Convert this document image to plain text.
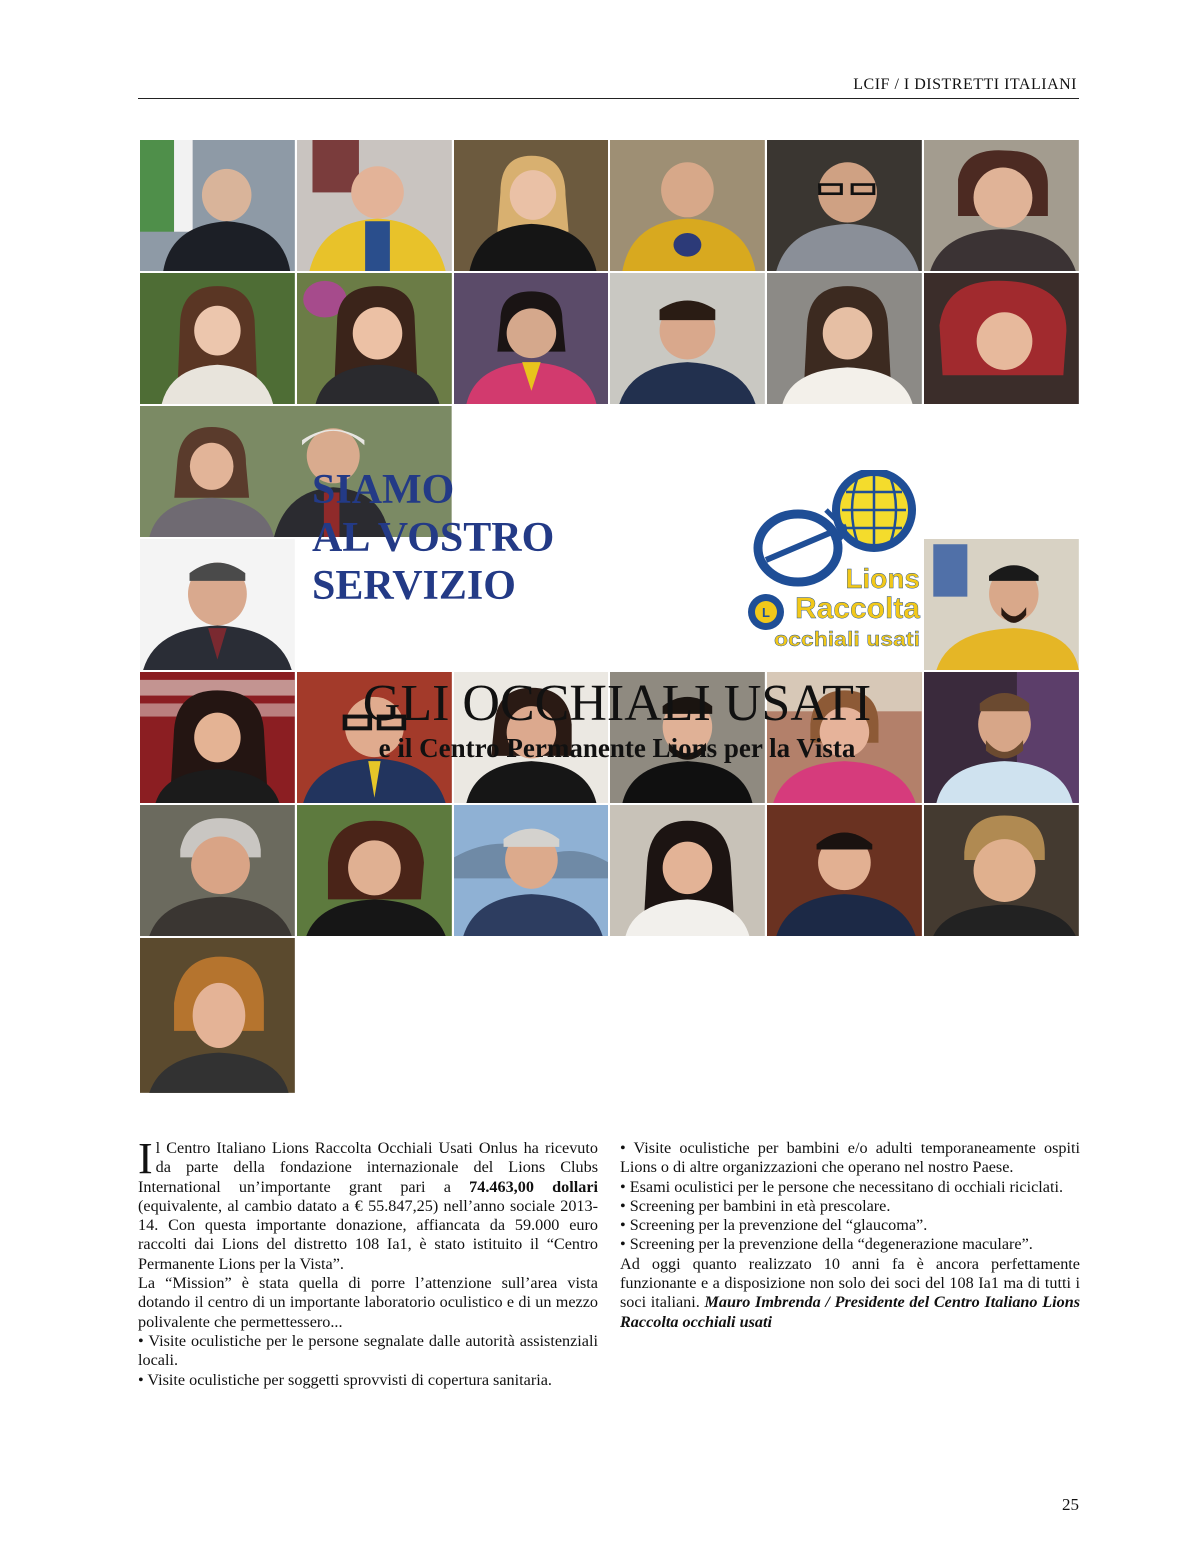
LCIF / I DISTRETTI ITALIANI
SIAMO
AL VOSTRO
SERVIZIO
L
Lions
Raccolta
occhiali usati
GLI OCCHIALI USATI
e il Centro Permanente Lions per la Vista

Il Centro Italiano Lions Raccolta Occhiali Usati Onlus ha ricevuto da parte della fondazione internazionale del Lions Clubs International un’importante grant pari a 74.463,00 dollari (equivalente, al cambio datato a € 55.847,25) nell’anno sociale 2013-14. Con questa importante donazione, affiancata da 59.000 euro raccolti dai Lions del distretto 108 Ia1, è stato istituito il “Centro Permanente Lions per la Vista”.

La “Mission” è stata quella di porre l’attenzione sull’area vista dotando il centro di un importante laboratorio oculistico e di un mezzo polivalente che permettessero...

• Visite oculistiche per le persone segnalate dalle autorità assistenziali locali.

• Visite oculistiche per soggetti sprovvisti di copertura sanitaria.

• Visite oculistiche per bambini e/o adulti temporaneamente ospiti Lions o di altre organizzazioni che operano nel nostro Paese.

• Esami oculistici per le persone che necessitano di occhiali riciclati.

• Screening per bambini in età prescolare.

• Screening per la prevenzione del “glaucoma”.

• Screening per la prevenzione della “degenerazione maculare”.

Ad oggi quanto realizzato 10 anni fa è ancora perfettamente funzionante e a disposizione non solo dei soci del 108 Ia1 ma di tutti i soci italiani. Mauro Imbrenda / Presidente del Centro Italiano Lions Raccolta occhiali usati

25
